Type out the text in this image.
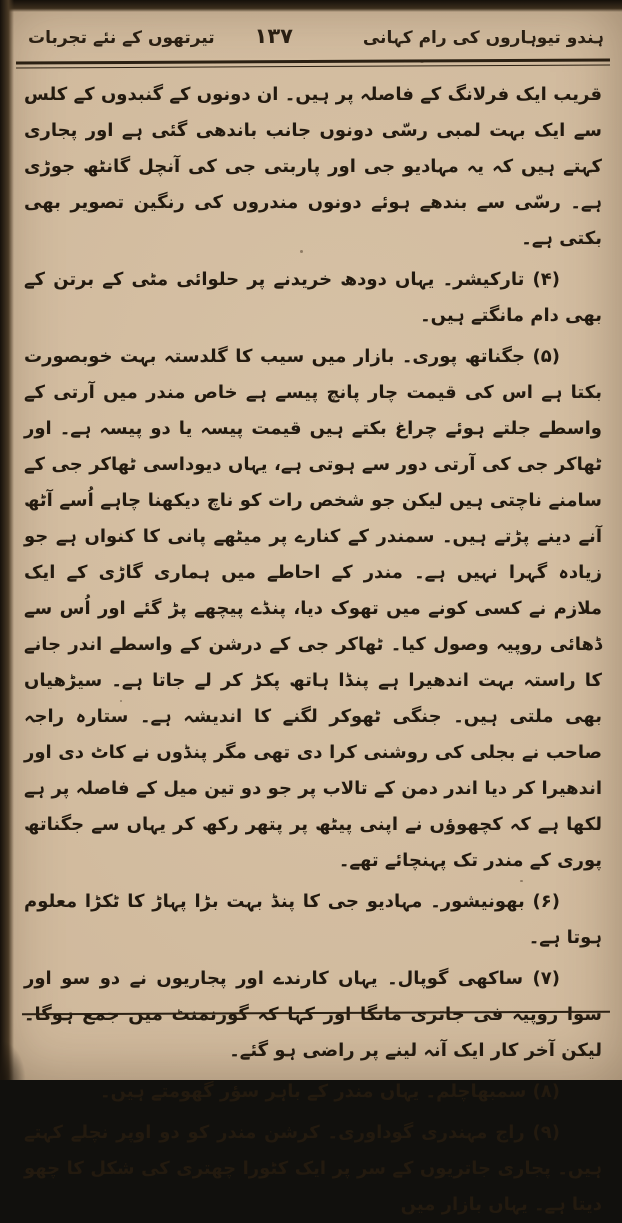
تیرتھوں کے نئے تجربات ۱۳۷	ہندو تیوہاروں کی رام کہانی

قریب ایک فرلانگ کے فاصلہ پر ہیں۔ ان دونوں کے گنبدوں کے کلس سے ایک بہت لمبی رسّی دونوں جانب باندھی گئی ہے اور پجاری کہتے ہیں کہ یہ مہادیو جی اور پاربتی جی کی آنچل گانٹھ جوڑی ہے۔ رسّی سے بندھے ہوئے دونوں مندروں کی رنگین تصویر بھی بکتی ہے۔

(۴) تارکیشر۔ یہاں دودھ خریدنے پر حلوائی مٹی کے برتن کے بھی دام مانگتے ہیں۔

(۵) جگناتھ پوری۔ بازار میں سیب کا گلدستہ بہت خوبصورت بکتا ہے اس کی قیمت چار پانچ پیسے ہے خاص مندر میں آرتی کے واسطے جلتے ہوئے چراغ بکتے ہیں قیمت پیسہ یا دو پیسہ ہے۔ اور ٹھاکر جی کی آرتی دور سے ہوتی ہے، یہاں دیوداسی ٹھاکر جی کے سامنے ناچتی ہیں لیکن جو شخص رات کو ناچ دیکھنا چاہے اُسے آٹھ آنے دینے پڑتے ہیں۔ سمندر کے کنارے پر میٹھے پانی کا کنواں ہے جو زیادہ گہرا نہیں ہے۔ مندر کے احاطے میں ہماری گاڑی کے ایک ملازم نے کسی کونے میں تھوک دیا، پنڈے پیچھے پڑ گئے اور اُس سے ڈھائی روپیہ وصول کیا۔ ٹھاکر جی کے درشن کے واسطے اندر جانے کا راستہ بہت اندھیرا ہے پنڈا ہاتھ پکڑ کر لے جاتا ہے۔ سیڑھیاں بھی ملتی ہیں۔ جنگی ٹھوکر لگنے کا اندیشہ ہے۔ ستارہ راجہ صاحب نے بجلی کی روشنی کرا دی تھی مگر پنڈوں نے کاٹ دی اور اندھیرا کر دیا اندر دمن کے تالاب پر جو دو تین میل کے فاصلہ پر ہے لکھا ہے کہ کچھوؤں نے اپنی پیٹھ پر پتھر رکھ کر یہاں سے جگناتھ پوری کے مندر تک پہنچائے تھے۔

(۶) بھونیشور۔ مہادیو جی کا پنڈ بہت بڑا پہاڑ کا ٹکڑا معلوم ہوتا ہے۔

(۷) ساکھی گوپال۔ یہاں کارندے اور پجاریوں نے دو سو اور سوا روپیہ فی جاتری مانگا اور کہا کہ گورنمنٹ میں جمع ہوگا۔ لیکن آخر کار ایک آنہ لینے پر راضی ہو گئے۔

(۸) سمبھاچلم۔ یہاں مندر کے باہر سؤر گھومتے ہیں۔

(۹) راج مہندری گوداوری۔ کرشن مندر کو دو اوپر نچلے کہتے ہیں۔ پجاری جاتریوں کے سر پر ایک کٹورا چھتری کی شکل کا چھو دیتا ہے۔ یہاں بازار میں
